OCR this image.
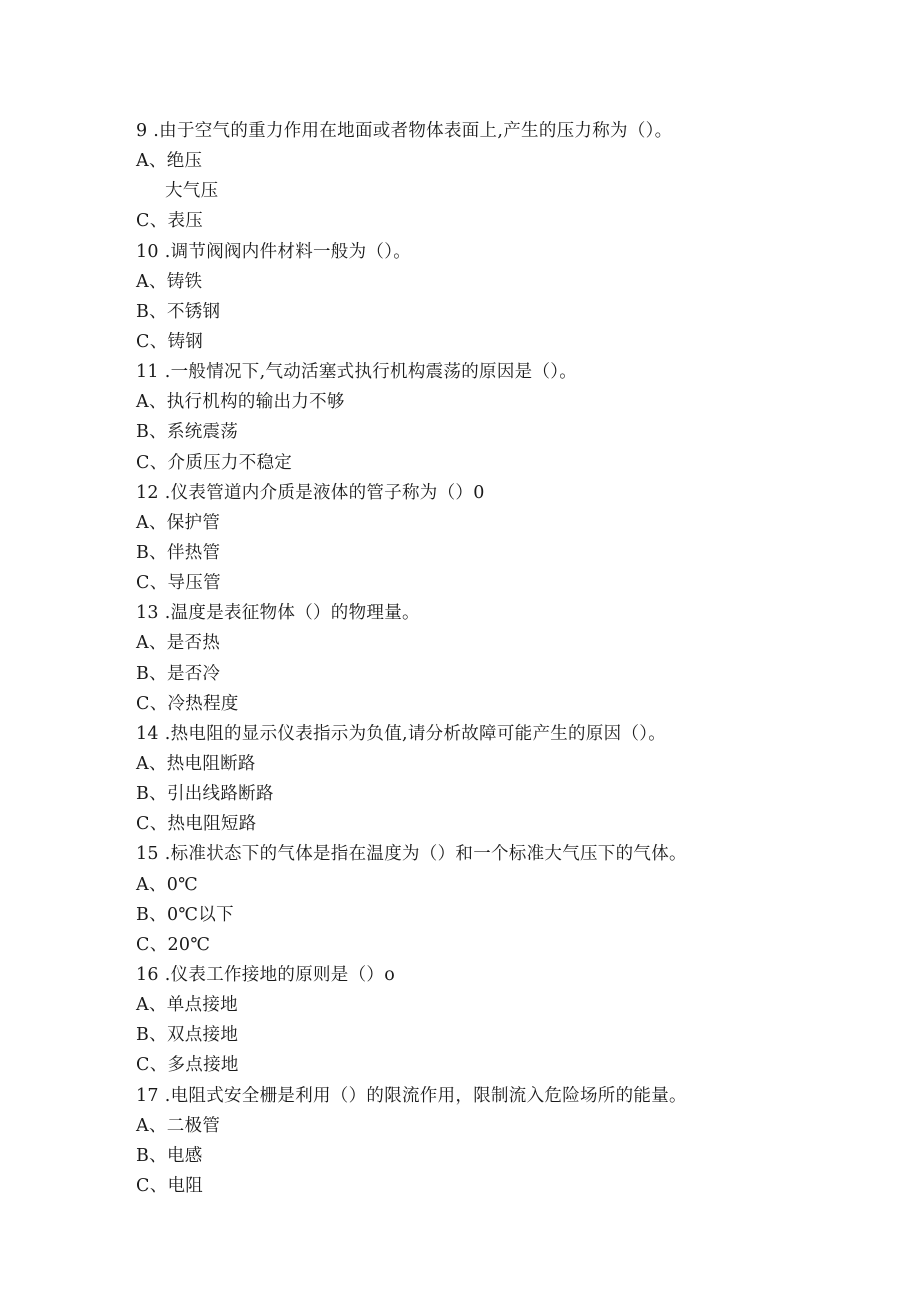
9 .由于空气的重力作用在地面或者物体表面上,产生的压力称为（）。
A、绝压
大气压
C、表压
10 .调节阀阀内件材料一般为（）。
A、铸铁
B、不锈钢
C、铸钢
11 .一般情况下,气动活塞式执行机构震荡的原因是（）。
A、执行机构的输出力不够
B、系统震荡
C、介质压力不稳定
12 .仪表管道内介质是液体的管子称为（）0
A、保护管
B、伴热管
C、导压管
13 .温度是表征物体（）的物理量。
A、是否热
B、是否冷
C、冷热程度
14 .热电阻的显示仪表指示为负值,请分析故障可能产生的原因（）。
A、热电阻断路
B、引出线路断路
C、热电阻短路
15 .标准状态下的气体是指在温度为（）和一个标准大气压下的气体。
A、0℃
B、0℃以下
C、20℃
16 .仪表工作接地的原则是（）o
A、单点接地
B、双点接地
C、多点接地
17 .电阻式安全栅是利用（）的限流作用，限制流入危险场所的能量。
A、二极管
B、电感
C、电阻
